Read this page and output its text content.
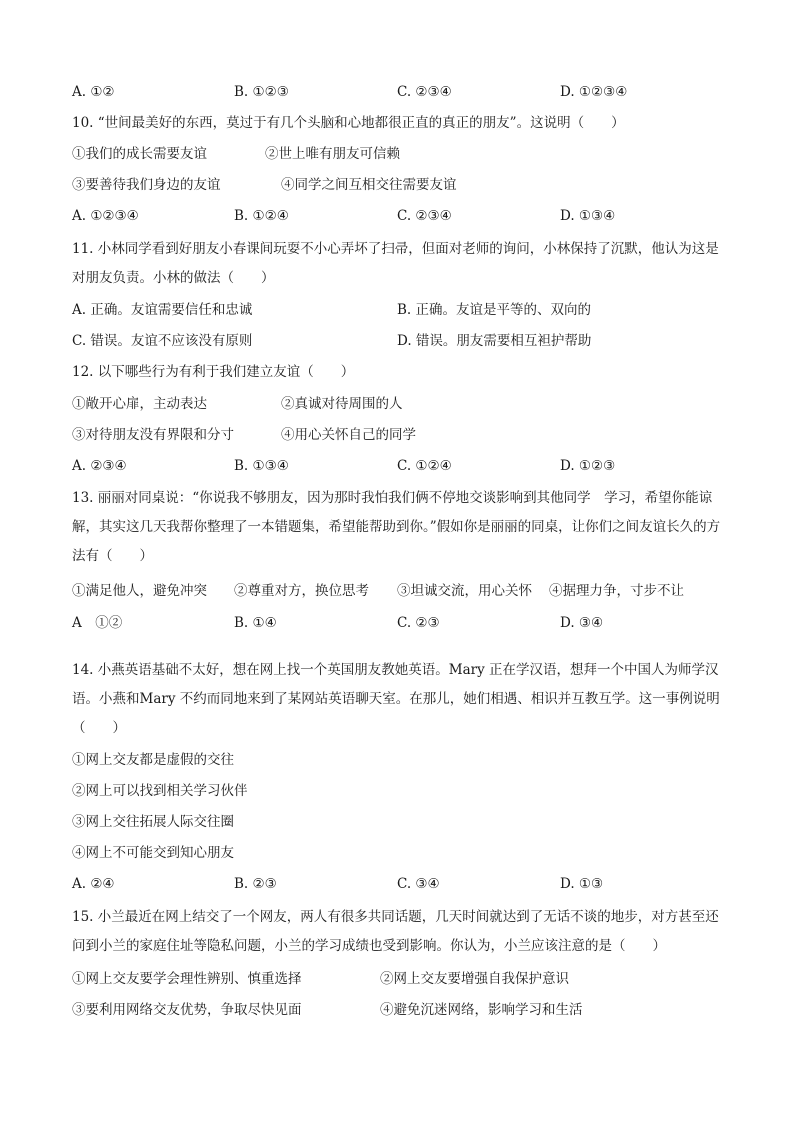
A. ①②	B. ①②③	C. ②③④	D. ①②③④
10. “世间最美好的东西，莫过于有几个头脑和心地都很正直的真正的朋友”。这说明（　　）
①我们的成长需要友谊	②世上唯有朋友可信赖
③要善待我们身边的友谊	④同学之间互相交往需要友谊
A. ①②③④	B. ①②④	C. ②③④	D. ①③④
11. 小林同学看到好朋友小春课间玩耍不小心弄坏了扫帚，但面对老师的询问，小林保持了沉默，他认为这是对朋友负责。小林的做法（　　）
A. 正确。友谊需要信任和忠诚	B. 正确。友谊是平等的、双向的
C. 错误。友谊不应该没有原则	D. 错误。朋友需要相互袒护帮助
12. 以下哪些行为有利于我们建立友谊（　　）
①敞开心扉，主动表达	②真诚对待周围的人
③对待朋友没有界限和分寸	④用心关怀自己的同学
A. ②③④	B. ①③④	C. ①②④	D. ①②③
13. 丽丽对同桌说：“你说我不够朋友，因为那时我怕我们俩不停地交谈影响到其他同学　学习，希望你能谅解，其实这几天我帮你整理了一本错题集，希望能帮助到你。”假如你是丽丽的同桌，让你们之间友谊长久的方法有（　　）
①满足他人，避免冲突 ②尊重对方，换位思考 ③坦诚交流，用心关怀 ④据理力争，寸步不让
A　①②	B. ①④	C. ②③	D. ③④
14. 小燕英语基础不太好，想在网上找一个英国朋友教她英语。Mary 正在学汉语，想拜一个中国人为师学汉语。小燕和Mary 不约而同地来到了某网站英语聊天室。在那儿，她们相遇、相识并互教互学。这一事例说明（　　）
①网上交友都是虚假的交往
②网上可以找到相关学习伙伴
③网上交往拓展人际交往圈
④网上不可能交到知心朋友
A. ②④	B. ②③	C. ③④	D. ①③
15. 小兰最近在网上结交了一个网友，两人有很多共同话题，几天时间就达到了无话不谈的地步，对方甚至还问到小兰的家庭住址等隐私问题，小兰的学习成绩也受到影响。你认为，小兰应该注意的是（　　）
①网上交友要学会理性辨别、慎重选择	②网上交友要增强自我保护意识
③要利用网络交友优势，争取尽快见面	④避免沉迷网络，影响学习和生活
